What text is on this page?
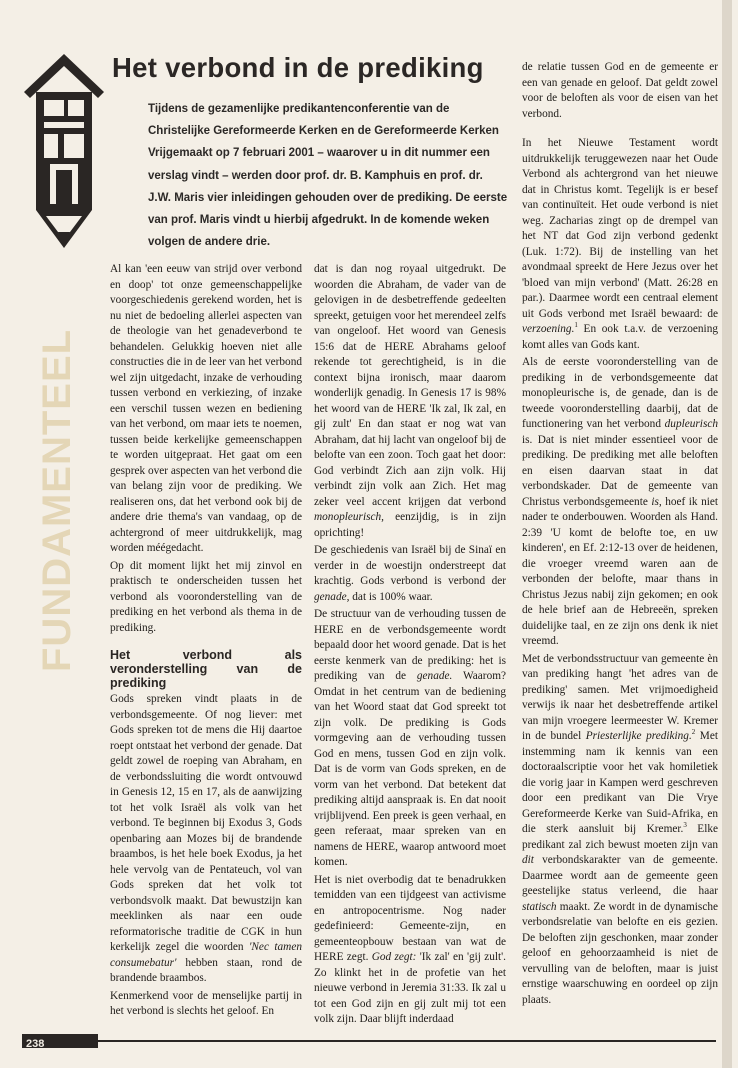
FUNDAMENTEEL
Het verbond in de prediking

Tijdens de gezamenlijke predikantenconferentie van de Christelijke Gereformeerde Kerken en de Gereformeerde Kerken Vrijgemaakt op 7 februari 2001 – waarover u in dit nummer een verslag vindt – werden door prof. dr. B. Kamphuis en prof. dr. J.W. Maris vier inleidingen gehouden over de prediking. De eerste van prof. Maris vindt u hierbij afgedrukt. In de komende weken volgen de andere drie.

Al kan 'een eeuw van strijd over verbond en doop' tot onze gemeenschappelijke voorgeschiedenis gerekend worden, het is nu niet de bedoeling allerlei aspecten van de theologie van het genadeverbond te behandelen. Gelukkig hoeven niet alle constructies die in de leer van het verbond wel zijn uitgedacht, inzake de verhouding tussen verbond en verkiezing, of inzake een verschil tussen wezen en bediening van het verbond, om maar iets te noemen, tussen beide kerkelijke gemeenschappen te worden uitgepraat. Het gaat om een gesprek over aspecten van het verbond die van belang zijn voor de prediking. We realiseren ons, dat het verbond ook bij de andere drie thema's van vandaag, op de achtergrond of meer uitdrukkelijk, mag worden méégedacht.

Op dit moment lijkt het mij zinvol en praktisch te onderscheiden tussen het verbond als vooronderstelling van de prediking en het verbond als thema in de prediking.

Het verbond als veronderstelling van de prediking

Gods spreken vindt plaats in de verbondsgemeente. Of nog liever: met Gods spreken tot de mens die Hij daartoe roept ontstaat het verbond der genade. Dat geldt zowel de roeping van Abraham, en de verbondssluiting die wordt ontvouwd in Genesis 12, 15 en 17, als de aanwijzing tot het volk Israël als volk van het verbond. Te beginnen bij Exodus 3, Gods openbaring aan Mozes bij de brandende braambos, is het hele boek Exodus, ja het hele vervolg van de Pentateuch, vol van Gods spreken dat het volk tot verbondsvolk maakt. Dat bewustzijn kan meeklinken als naar een oude reformatorische traditie de CGK in hun kerkelijk zegel die woorden 'Nec tamen consumebatur' hebben staan, rond de brandende braambos.

Kenmerkend voor de menselijke partij in het verbond is slechts het geloof. En

dat is dan nog royaal uitgedrukt. De woorden die Abraham, de vader van de gelovigen in de desbetreffende gedeelten spreekt, getuigen voor het merendeel zelfs van ongeloof. Het woord van Genesis 15:6 dat de HERE Abrahams geloof rekende tot gerechtigheid, is in die context bijna ironisch, maar daarom wonderlijk genadig. In Genesis 17 is 98% het woord van de HERE 'Ik zal, Ik zal, en gij zult' En dan staat er nog wat van Abraham, dat hij lacht van ongeloof bij de belofte van een zoon. Toch gaat het door: God verbindt Zich aan zijn volk. Hij verbindt zijn volk aan Zich. Het mag zeker veel accent krijgen dat verbond monopleurisch, eenzijdig, is in zijn oprichting!

De geschiedenis van Israël bij de Sinaï en verder in de woestijn onderstreept dat krachtig. Gods verbond is verbond der genade, dat is 100% waar.

De structuur van de verhouding tussen de HERE en de verbondsgemeente wordt bepaald door het woord genade. Dat is het eerste kenmerk van de prediking: het is prediking van de genade. Waarom? Omdat in het centrum van de bediening van het Woord staat dat God spreekt tot zijn volk. De prediking is Gods vormgeving aan de verhouding tussen God en mens, tussen God en zijn volk. Dat is de vorm van Gods spreken, en de vorm van het verbond. Dat betekent dat prediking altijd aanspraak is. En dat nooit vrijblijvend. Een preek is geen verhaal, en geen referaat, maar spreken van en namens de HERE, waarop antwoord moet komen.

Het is niet overbodig dat te benadrukken temidden van een tijdgeest van activisme en antropocentrisme. Nog nader gedefinieerd: Gemeente-zijn, en gemeenteopbouw bestaan van wat de HERE zegt. God zegt: 'Ik zal' en 'gij zult'. Zo klinkt het in de profetie van het nieuwe verbond in Jeremia 31:33. Ik zal u tot een God zijn en gij zult mij tot een volk zijn. Daar blijft inderdaad

de relatie tussen God en de gemeente er een van genade en geloof. Dat geldt zowel voor de beloften als voor de eisen van het verbond.

In het Nieuwe Testament wordt uitdrukkelijk teruggewezen naar het Oude Verbond als achtergrond van het nieuwe dat in Christus komt. Tegelijk is er besef van continuïteit. Het oude verbond is niet weg. Zacharias zingt op de drempel van het NT dat God zijn verbond gedenkt (Luk. 1:72). Bij de instelling van het avondmaal spreekt de Here Jezus over het 'bloed van mijn verbond' (Matt. 26:28 en par.). Daarmee wordt een centraal element uit Gods verbond met Israël bewaard: de verzoening.$^1$ En ook t.a.v. de verzoening komt alles van Gods kant.

Als de eerste vooronderstelling van de prediking in de verbondsgemeente dat monopleurische is, de genade, dan is de tweede vooronderstelling daarbij, dat de functionering van het verbond dupleurisch is. Dat is niet minder essentieel voor de prediking. De prediking met alle beloften en eisen daarvan staat in dat verbondskader. Dat de gemeente van Christus verbondsgemeente is, hoef ik niet nader te onderbouwen. Woorden als Hand. 2:39 'U komt de belofte toe, en uw kinderen', en Ef. 2:12-13 over de heidenen, die vroeger vreemd waren aan de verbonden der belofte, maar thans in Christus Jezus nabij zijn gekomen; en ook de hele brief aan de Hebreeën, spreken duidelijke taal, en ze zijn ons denk ik niet vreemd.

Met de verbondsstructuur van gemeente èn van prediking hangt 'het adres van de prediking' samen. Met vrijmoedigheid verwijs ik naar het desbetreffende artikel van mijn vroegere leermeester W. Kremer in de bundel Priesterlijke prediking.$^2$ Met instemming nam ik kennis van een doctoraalscriptie voor het vak homiletiek die vorig jaar in Kampen werd geschreven door een predikant van Die Vrye Gereformeerde Kerke van Suid-Afrika, en die sterk aansluit bij Kremer.$^3$ Elke predikant zal zich bewust moeten zijn van dit verbondskarakter van de gemeente. Daarmee wordt aan de gemeente geen geestelijke status verleend, die haar statisch maakt. Ze wordt in de dynamische verbondsrelatie van belofte en eis gezien. De beloften zijn geschonken, maar zonder geloof en gehoorzaamheid is niet de vervulling van de beloften, maar is juist ernstige waarschuwing en oordeel op zijn plaats.

238
